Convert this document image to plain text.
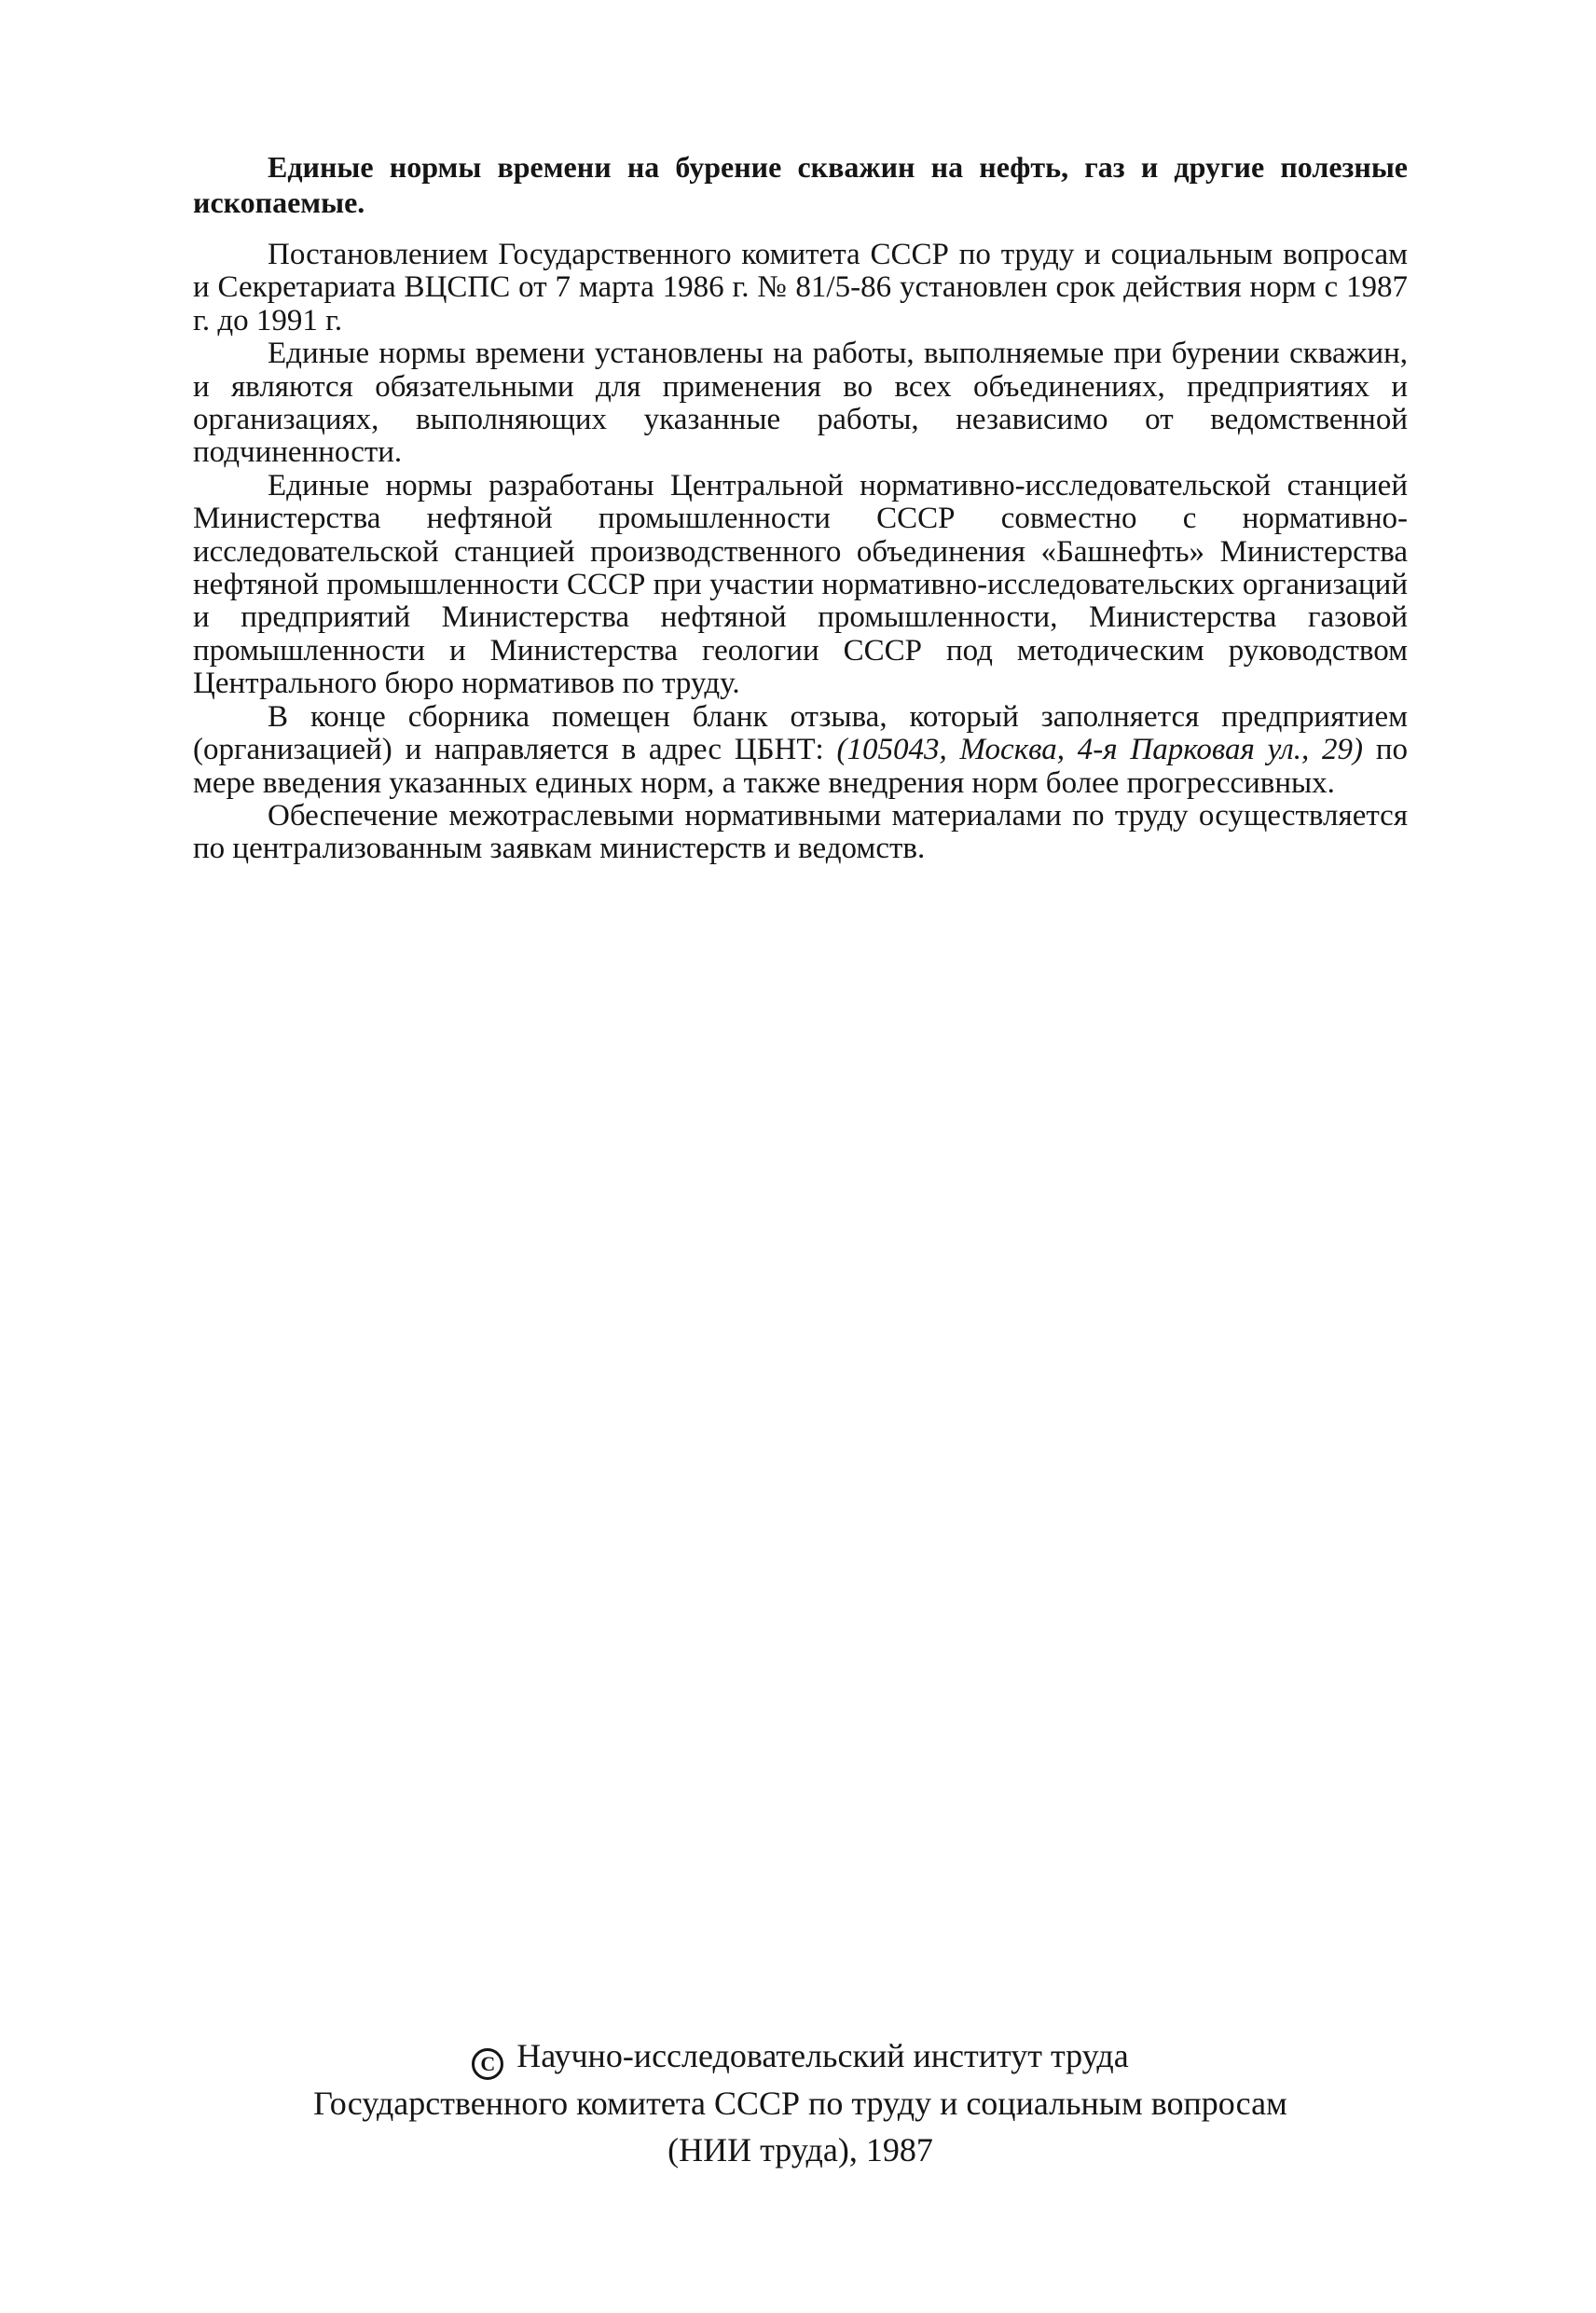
Единые нормы времени на бурение скважин на нефть, газ и другие полезные ископаемые.

Постановлением Государственного комитета СССР по труду и социальным вопросам и Секретариата ВЦСПС от 7 марта 1986 г. № 81/5-86 установлен срок действия норм с 1987 г. до 1991 г.

Единые нормы времени установлены на работы, выполняемые при бурении скважин, и являются обязательными для применения во всех объединениях, предприятиях и организациях, выполняющих указанные работы, независимо от ведомственной подчиненности.

Единые нормы разработаны Центральной нормативно-исследовательской станцией Министерства нефтяной промышленности СССР совместно с нормативно-исследовательской станцией производственного объединения «Башнефть» Министерства нефтяной промышленности СССР при участии нормативно-исследовательских организаций и предприятий Министерства нефтяной промышленности, Министерства газовой промышленности и Министерства геологии СССР под методическим руководством Центрального бюро нормативов по труду.

В конце сборника помещен бланк отзыва, который заполняется предприятием (организацией) и направляется в адрес ЦБНТ: (105043, Москва, 4-я Парковая ул., 29) по мере введения указанных единых норм, а также внедрения норм более прогрессивных.

Обеспечение межотраслевыми нормативными материалами по труду осуществляется по централизованным заявкам министерств и ведомств.

C Научно-исследовательский институт труда
Государственного комитета СССР по труду и социальным вопросам
(НИИ труда), 1987
